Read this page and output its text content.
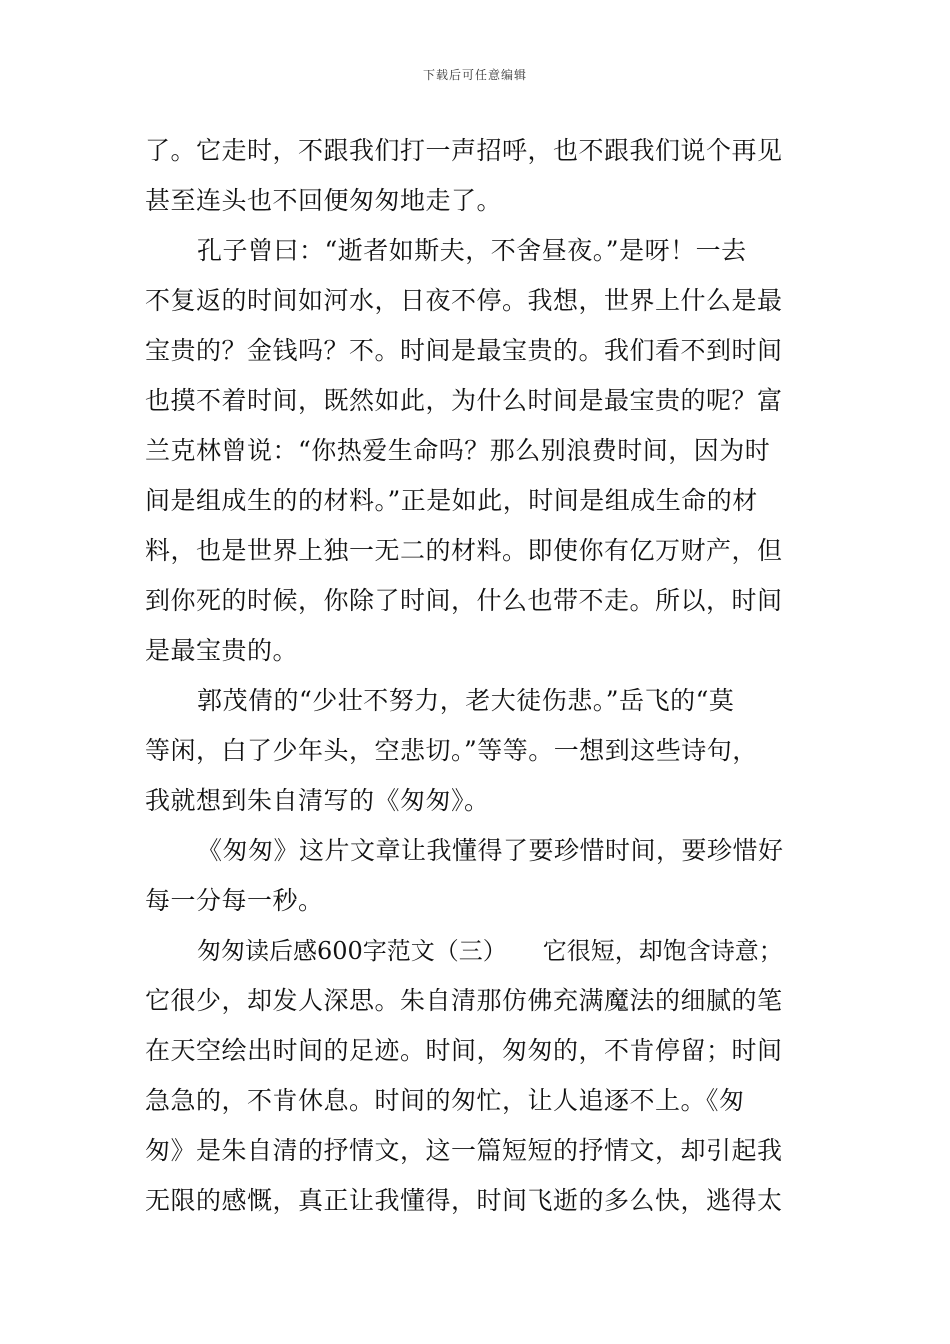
下载后可任意编辑
了。它走时，不跟我们打一声招呼，也不跟我们说个再见
甚至连头也不回便匆匆地走了。
孔子曾曰：“逝者如斯夫，不舍昼夜。”是呀！一去
不复返的时间如河水，日夜不停。我想，世界上什么是最
宝贵的？金钱吗？不。时间是最宝贵的。我们看不到时间
也摸不着时间，既然如此，为什么时间是最宝贵的呢？富
兰克林曾说：“你热爱生命吗？那么别浪费时间，因为时
间是组成生的的材料。”正是如此，时间是组成生命的材
料，也是世界上独一无二的材料。即使你有亿万财产，但
到你死的时候，你除了时间，什么也带不走。所以，时间
是最宝贵的。
郭茂倩的“少壮不努力，老大徒伤悲。”岳飞的“莫
等闲，白了少年头，空悲切。”等等。一想到这些诗句，
我就想到朱自清写的《匆匆》。
《匆匆》这片文章让我懂得了要珍惜时间，要珍惜好
每一分每一秒。
匆匆读后感600字范文（三）　　它很短，却饱含诗意；
它很少，却发人深思。朱自清那仿佛充满魔法的细腻的笔
在天空绘出时间的足迹。时间，匆匆的，不肯停留；时间
急急的，不肯休息。时间的匆忙，让人追逐不上。《匆
匆》是朱自清的抒情文，这一篇短短的抒情文，却引起我
无限的感慨，真正让我懂得，时间飞逝的多么快，逃得太
